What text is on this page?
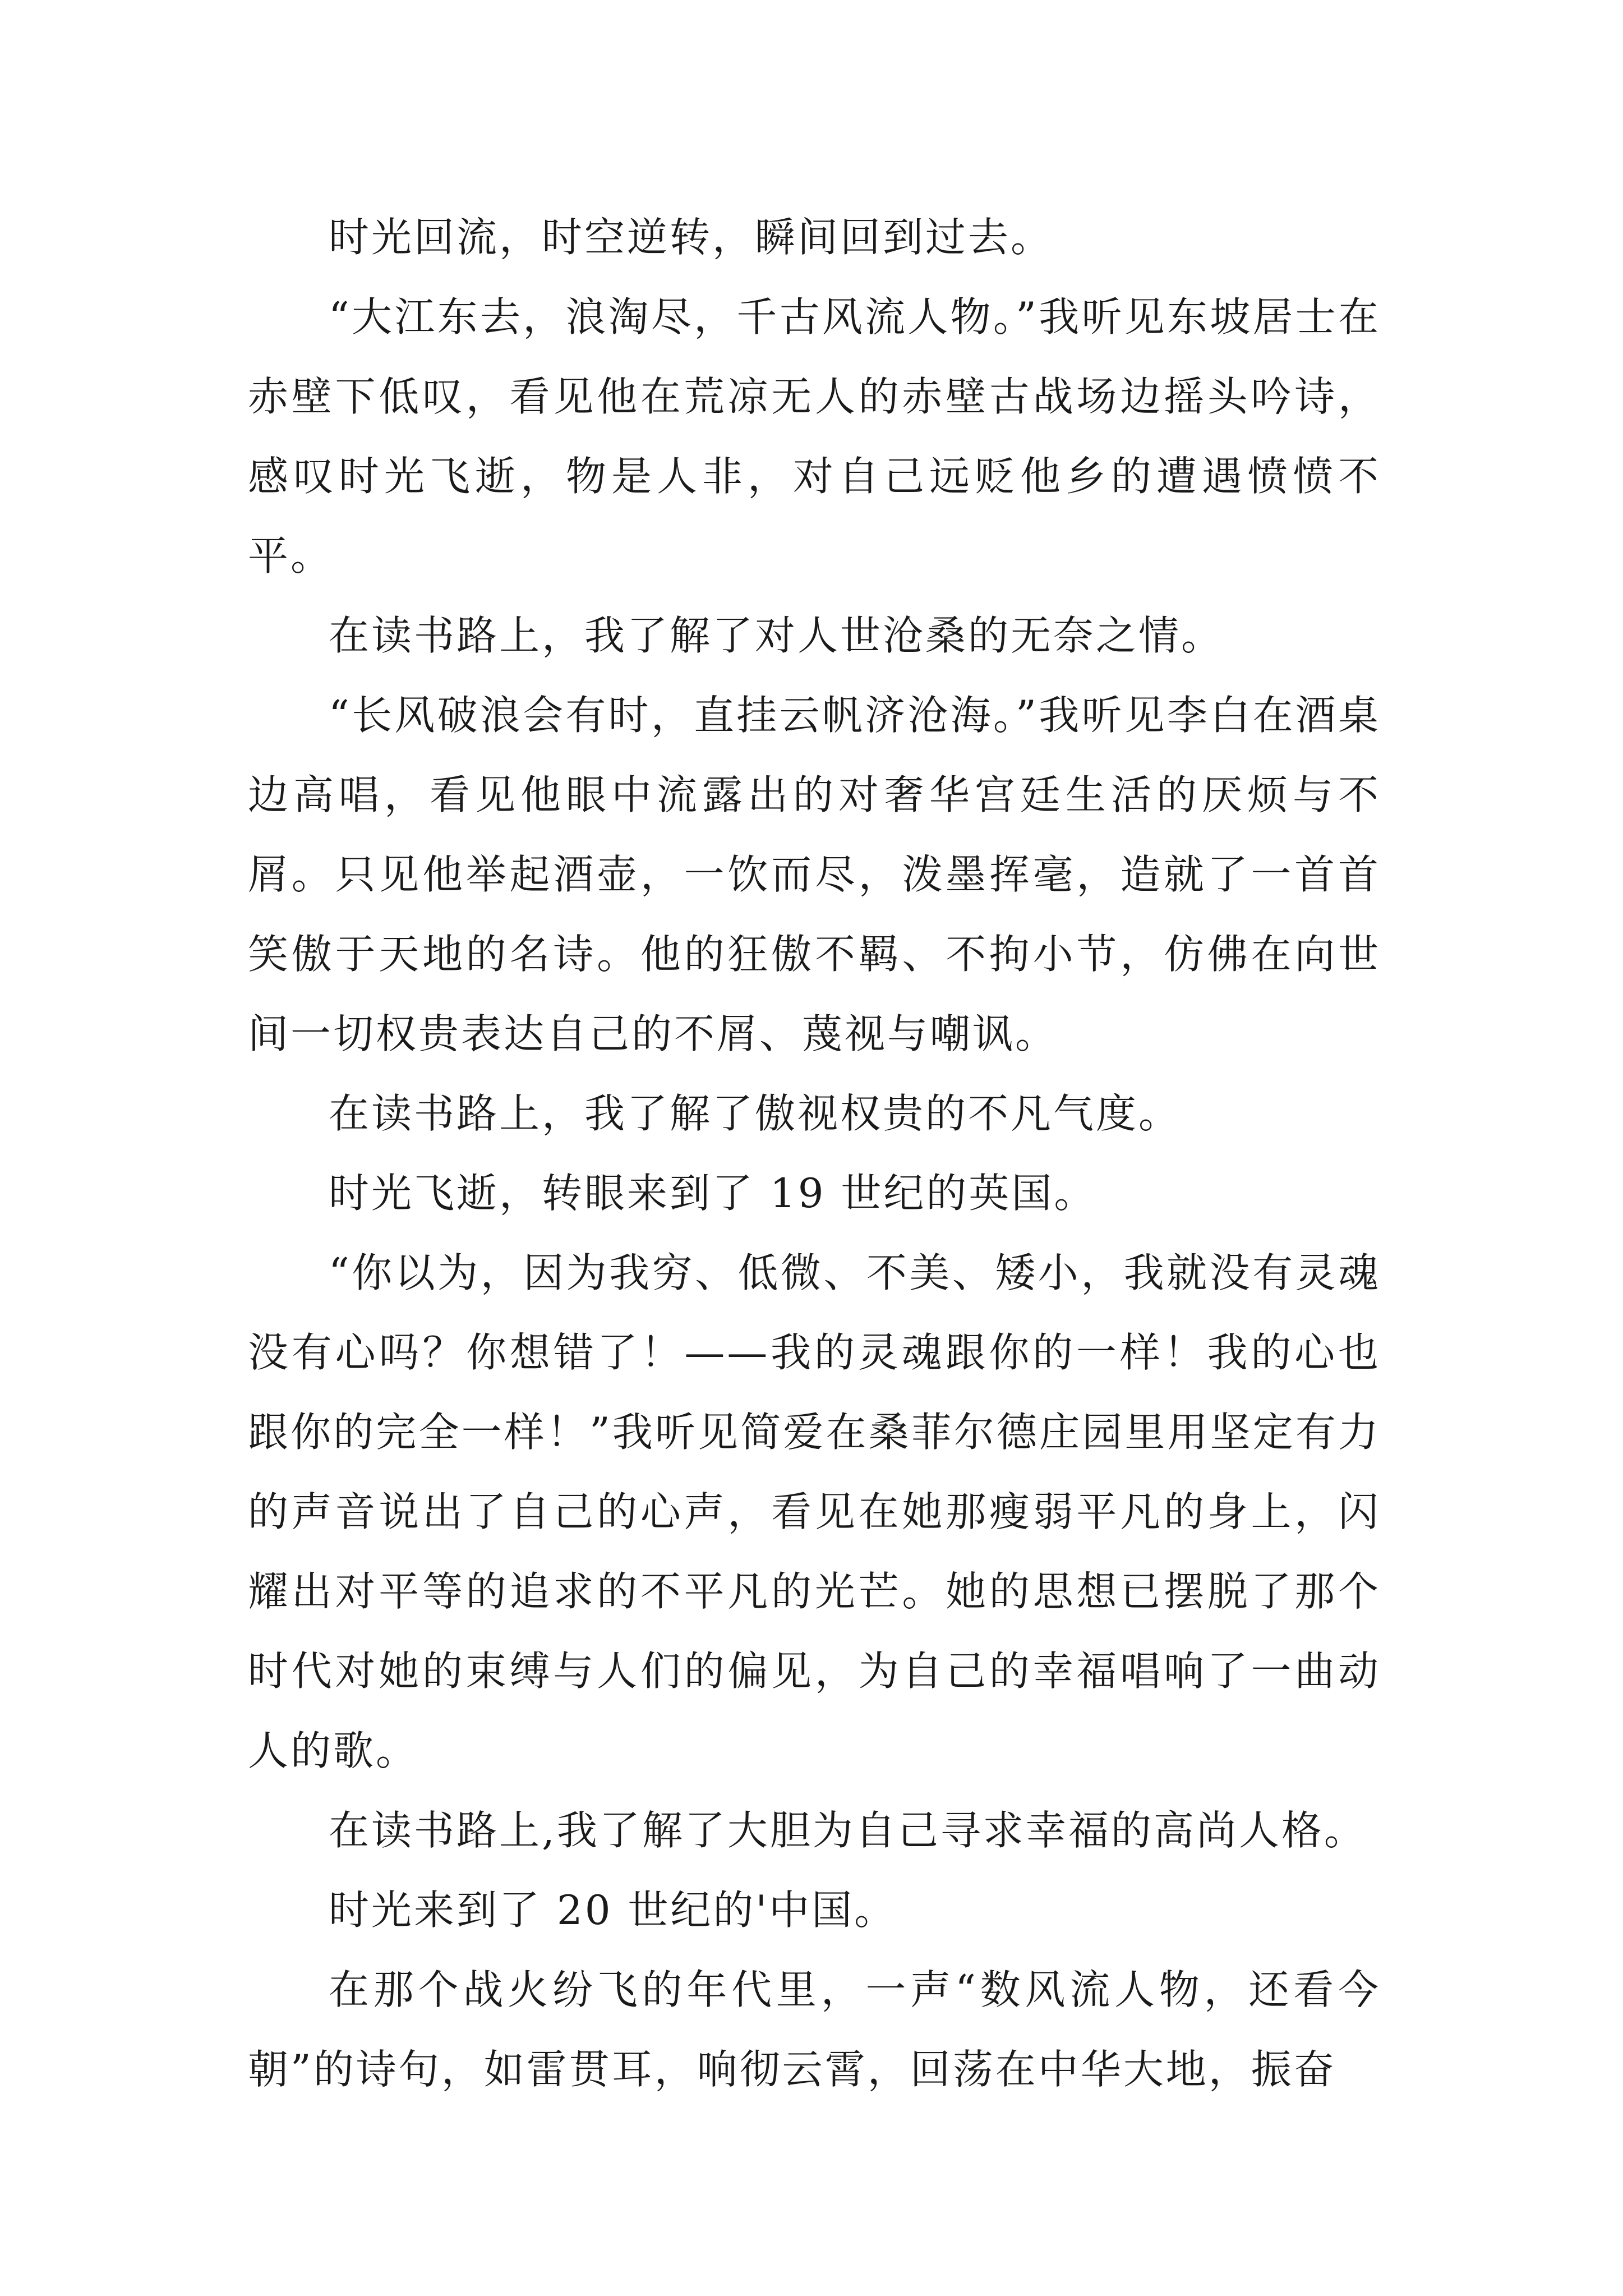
时光回流，时空逆转，瞬间回到过去。

“大江东去，浪淘尽，千古风流人物。”我听见东坡居士在赤壁下低叹，看见他在荒凉无人的赤壁古战场边摇头吟诗，感叹时光飞逝，物是人非，对自己远贬他乡的遭遇愤愤不平。

在读书路上，我了解了对人世沧桑的无奈之情。

“长风破浪会有时，直挂云帆济沧海。”我听见李白在酒桌边高唱，看见他眼中流露出的对奢华宫廷生活的厌烦与不屑。只见他举起酒壶，一饮而尽，泼墨挥毫，造就了一首首笑傲于天地的名诗。他的狂傲不羁、不拘小节，仿佛在向世间一切权贵表达自己的不屑、蔑视与嘲讽。

在读书路上，我了解了傲视权贵的不凡气度。

时光飞逝，转眼来到了 19 世纪的英国。

“你以为，因为我穷、低微、不美、矮小，我就没有灵魂没有心吗？你想错了！——我的灵魂跟你的一样！我的心也跟你的完全一样！”我听见简爱在桑菲尔德庄园里用坚定有力的声音说出了自己的心声，看见在她那瘦弱平凡的身上，闪耀出对平等的追求的不平凡的光芒。她的思想已摆脱了那个时代对她的束缚与人们的偏见，为自己的幸福唱响了一曲动人的歌。

在读书路上,我了解了大胆为自己寻求幸福的高尚人格。

时光来到了 20 世纪的'中国。

在那个战火纷飞的年代里，一声“数风流人物，还看今朝”的诗句，如雷贯耳，响彻云霄，回荡在中华大地，振奋
